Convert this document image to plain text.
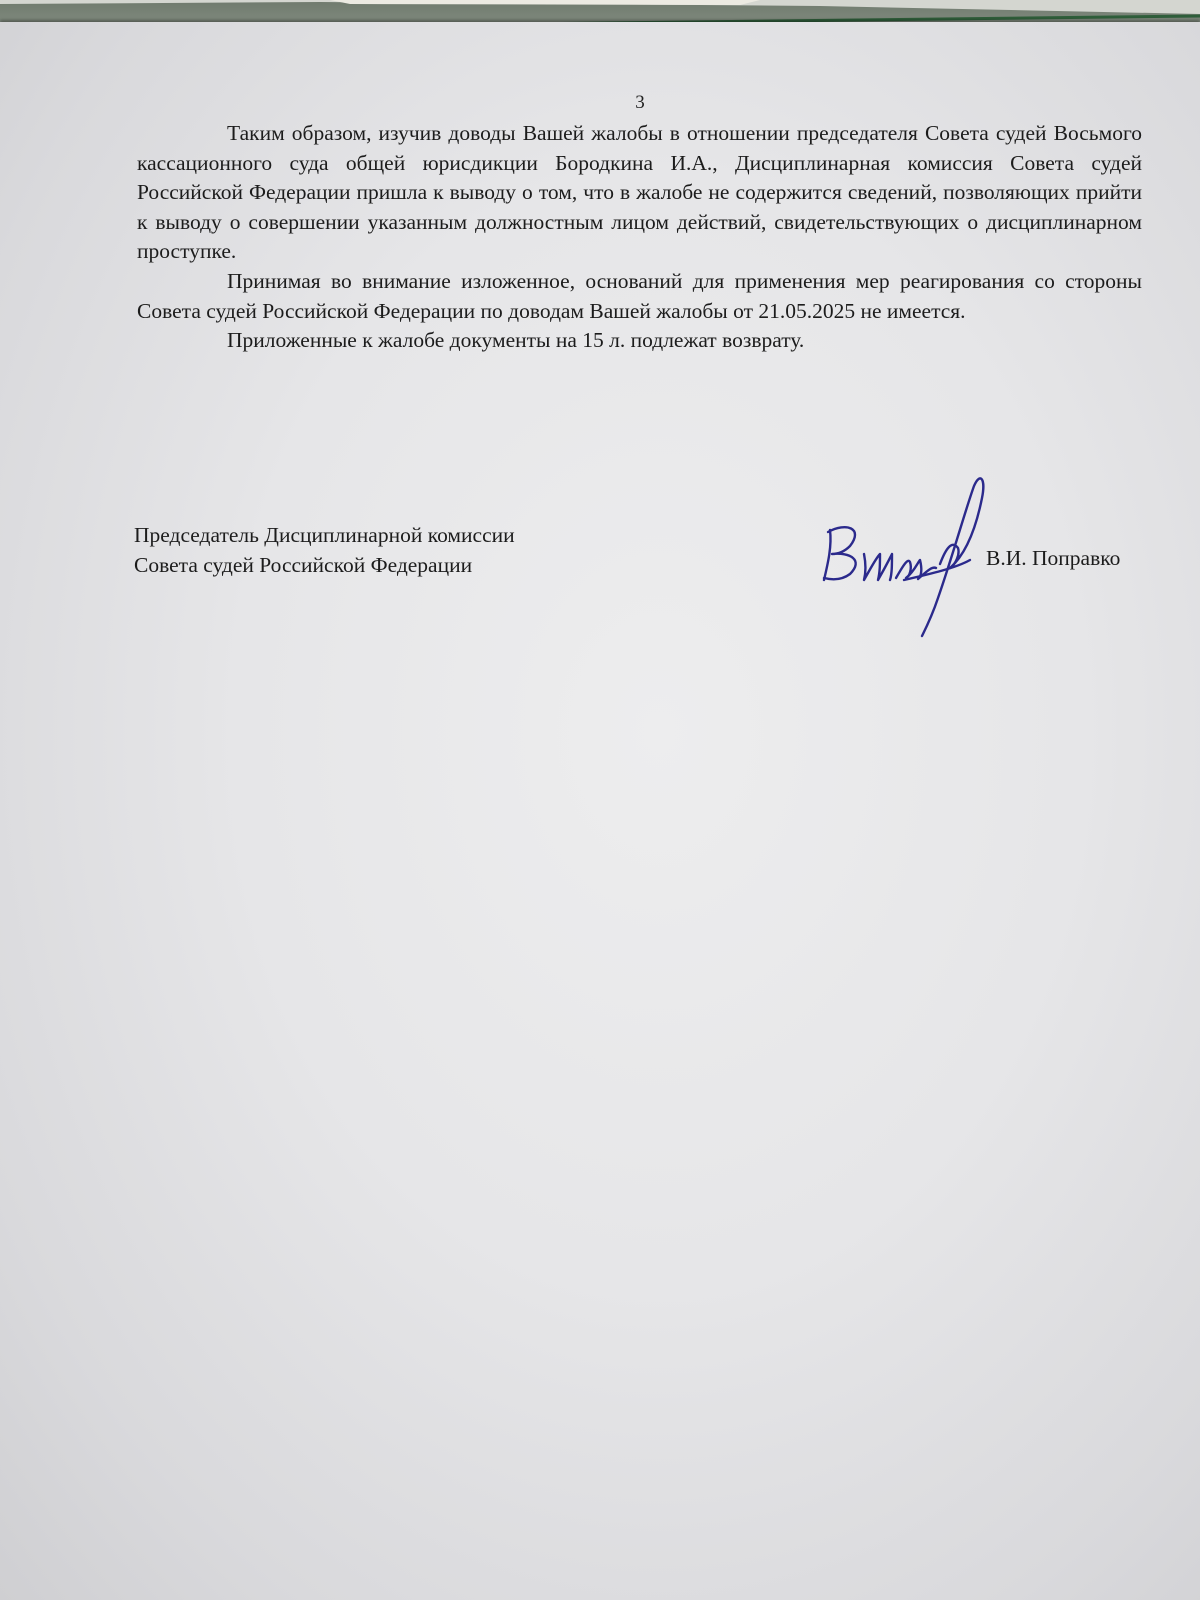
3

Таким образом, изучив доводы Вашей жалобы в отношении председателя Совета судей Восьмого кассационного суда общей юрисдикции Бородкина И.А., Дисциплинарная комиссия Совета судей Российской Федерации пришла к выводу о том, что в жалобе не содержится сведений, позволяющих прийти к выводу о совершении указанным должностным лицом действий, свидетельствующих о дисциплинарном проступке.

Принимая во внимание изложенное, оснований для применения мер реагирования со стороны Совета судей Российской Федерации по доводам Вашей жалобы от 21.05.2025 не имеется.

Приложенные к жалобе документы на 15 л. подлежат возврату.

Председатель Дисциплинарной комиссии
Совета судей Российской Федерации	В.И. Поправко
